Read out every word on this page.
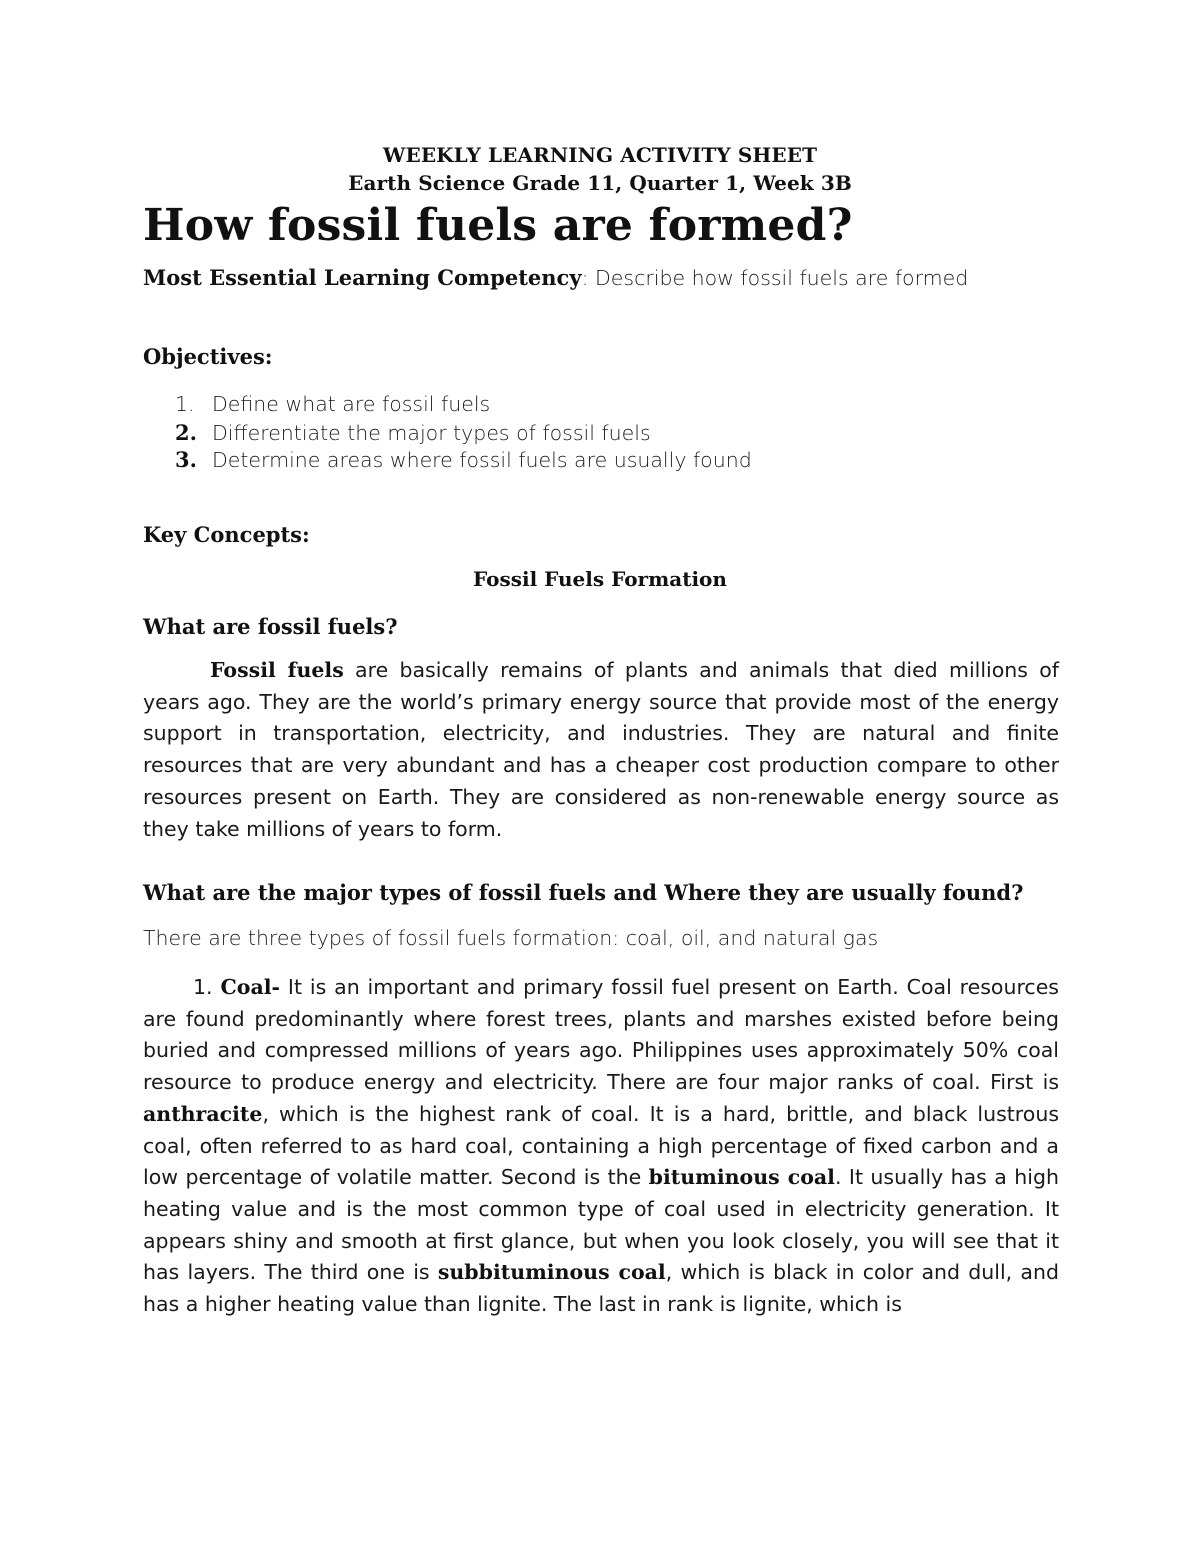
WEEKLY LEARNING ACTIVITY SHEET
Earth Science Grade 11, Quarter 1, Week 3B
How fossil fuels are formed?
Most Essential Learning Competency: Describe how fossil fuels are formed
Objectives:
1. Define what are fossil fuels
2. Differentiate the major types of fossil fuels
3. Determine areas where fossil fuels are usually found
Key Concepts:
Fossil Fuels Formation
What are fossil fuels?
Fossil fuels are basically remains of plants and animals that died millions of years ago. They are the world’s primary energy source that provide most of the energy support in transportation, electricity, and industries. They are natural and finite resources that are very abundant and has a cheaper cost production compare to other resources present on Earth. They are considered as non-renewable energy source as they take millions of years to form.
What are the major types of fossil fuels and Where they are usually found?
There are three types of fossil fuels formation: coal, oil, and natural gas
1. Coal- It is an important and primary fossil fuel present on Earth. Coal resources are found predominantly where forest trees, plants and marshes existed before being buried and compressed millions of years ago. Philippines uses approximately 50% coal resource to produce energy and electricity. There are four major ranks of coal. First is anthracite, which is the highest rank of coal. It is a hard, brittle, and black lustrous coal, often referred to as hard coal, containing a high percentage of fixed carbon and a low percentage of volatile matter. Second is the bituminous coal. It usually has a high heating value and is the most common type of coal used in electricity generation. It appears shiny and smooth at first glance, but when you look closely, you will see that it has layers. The third one is subbituminous coal, which is black in color and dull, and has a higher heating value than lignite. The last in rank is lignite, which is
